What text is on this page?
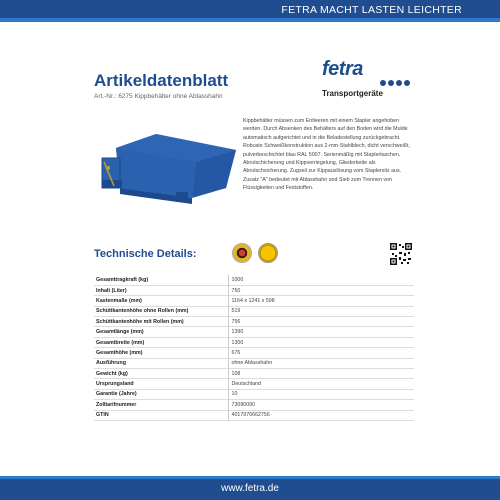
FETRA MACHT LASTEN LEICHTER
Artikeldatenblatt
Art.-Nr.: 6275 Kippbehälter ohne Ablasshahn
fetra
Transportgeräte
Kippbehälter müssen zum Entleeren mit einem Stapler angehoben werden. Durch Absenken des Behälters auf den Boden wird die Mulde automatisch aufgerichtet und in die Beladestellung zurückgebracht. Robuste Schweißkonstruktion aus 2-mm-Stahlblech, dicht verschweißt, pulverbeschichtet blau RAL 5007. Serienmäßig mit Staplertaschen, Abrutschicherung und Kippverriegelung, Gliederkette als Abrutschsicherung. Zugseil zur Kippauslösung vom Staplersitz aus. Zusatz "A" bedeutet mit Ablasshahn und Sieb zum Trennen von Flüssigkeiten und Feststoffen.
Technische Details:
Gesamttragkraft (kg)	1000
Inhalt (Liter)	750
Kastenmaße (mm)	1164 x 1241 x 598
Schüttkantenhöhe ohne Rollen (mm)	519
Schüttkantenhöhe mit Rollen (mm)	756
Gesamtlänge (mm)	1390
Gesamtbreite (mm)	1300
Gesamthöhe (mm)	676
Ausführung	ohne Ablasshahn
Gewicht (kg)	108
Ursprungsland	Deutschland
Garantie (Jahre)	10
Zolltarifnummer	73090090
GTIN	4017976662756
www.fetra.de
